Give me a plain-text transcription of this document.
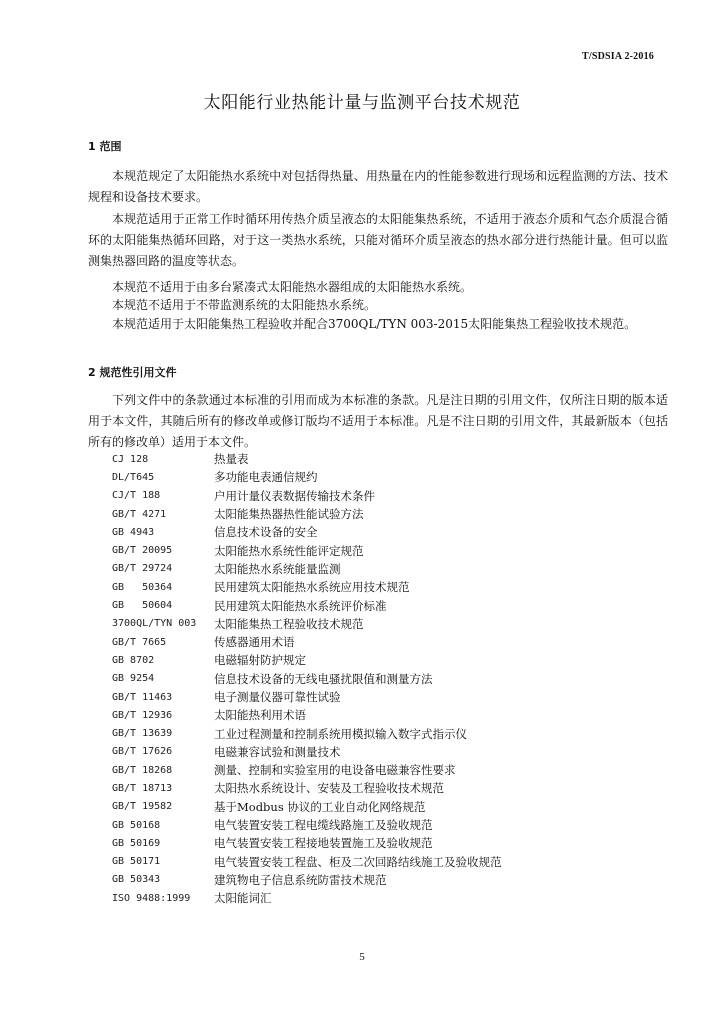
T/SDSIA 2-2016
太阳能行业热能计量与监测平台技术规范
1 范围

本规范规定了太阳能热水系统中对包括得热量、用热量在内的性能参数进行现场和远程监测的方法、技术规程和设备技术要求。

本规范适用于正常工作时循环用传热介质呈液态的太阳能集热系统，不适用于液态介质和气态介质混合循环的太阳能集热循环回路，对于这一类热水系统，只能对循环介质呈液态的热水部分进行热能计量。但可以监测集热器回路的温度等状态。

本规范不适用于由多台紧凑式太阳能热水器组成的太阳能热水系统。
本规范不适用于不带监测系统的太阳能热水系统。
本规范适用于太阳能集热工程验收并配合3700QL/TYN 003-2015太阳能集热工程验收技术规范。
2 规范性引用文件

下列文件中的条款通过本标准的引用而成为本标准的条款。凡是注日期的引用文件，仅所注日期的版本适用于本文件，其随后所有的修改单或修订版均不适用于本标准。凡是不注日期的引用文件，其最新版本（包括所有的修改单）适用于本文件。

CJ 128	热量表
DL/T645	多功能电表通信规约
CJ/T 188	户用计量仪表数据传输技术条件
GB/T 4271	太阳能集热器热性能试验方法
GB 4943	信息技术设备的安全
GB/T 20095	太阳能热水系统性能评定规范
GB/T 29724	太阳能热水系统能量监测
GB   50364	民用建筑太阳能热水系统应用技术规范
GB   50604	民用建筑太阳能热水系统评价标准
3700QL/TYN 003	太阳能集热工程验收技术规范
GB/T 7665	传感器通用术语
GB 8702	电磁辐射防护规定
GB 9254	信息技术设备的无线电骚扰限值和测量方法
GB/T 11463	电子测量仪器可靠性试验
GB/T 12936	太阳能热利用术语
GB/T 13639	工业过程测量和控制系统用模拟输入数字式指示仪
GB/T 17626	电磁兼容试验和测量技术
GB/T 18268	测量、控制和实验室用的电设备电磁兼容性要求
GB/T 18713	太阳热水系统设计、安装及工程验收技术规范
GB/T 19582	基于Modbus 协议的工业自动化网络规范
GB 50168	电气装置安装工程电缆线路施工及验收规范
GB 50169	电气装置安装工程接地装置施工及验收规范
GB 50171	电气装置安装工程盘、柜及二次回路结线施工及验收规范
GB 50343	建筑物电子信息系统防雷技术规范
ISO 9488:1999	太阳能词汇
5
